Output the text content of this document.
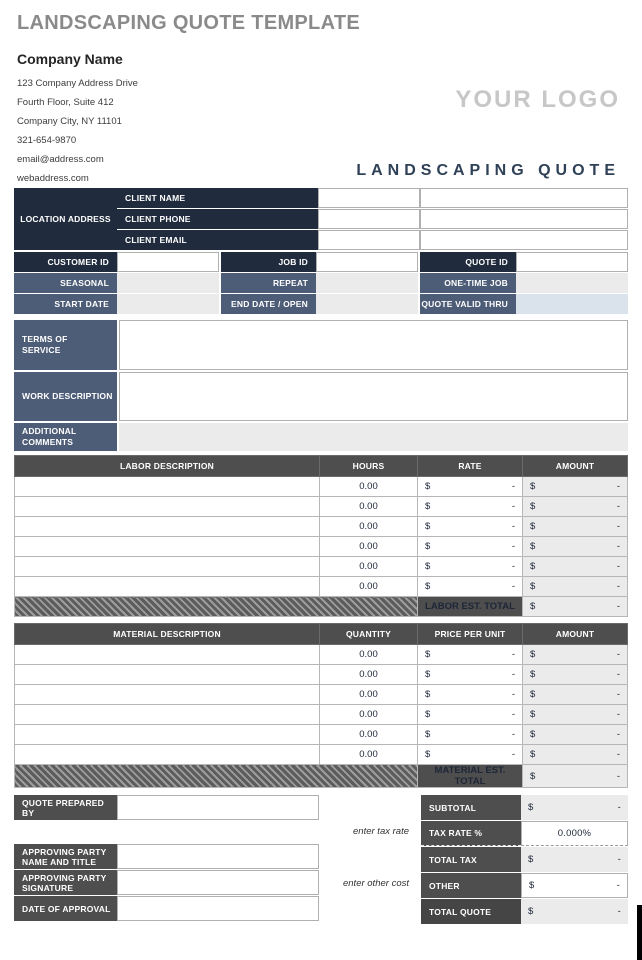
LANDSCAPING QUOTE TEMPLATE
Company Name
123 Company Address Drive
Fourth Floor, Suite 412
Company City, NY 11101
321-654-9870
email@address.com
webaddress.com
YOUR LOGO
LANDSCAPING QUOTE
CLIENT NAME
LOCATION ADDRESS	CLIENT PHONE
CLIENT EMAIL
CUSTOMER ID	JOB ID	QUOTE ID
SEASONAL	REPEAT	ONE-TIME JOB
START DATE	END DATE / OPEN	QUOTE VALID THRU
TERMS OF SERVICE
WORK DESCRIPTION
ADDITIONAL COMMENTS
LABOR DESCRIPTION	HOURS	RATE	AMOUNT
	0.00	$ -	$ -

	0.00	$ -	$ -

	0.00	$ -	$ -

	0.00	$ -	$ -

	0.00	$ -	$ -

	0.00	$ -	$ -

		LABOR EST. TOTAL	$ -
MATERIAL DESCRIPTION	QUANTITY	PRICE PER UNIT	AMOUNT
	0.00	$ -	$ -

	0.00	$ -	$ -

	0.00	$ -	$ -

	0.00	$ -	$ -

	0.00	$ -	$ -

	0.00	$ -	$ -

		MATERIAL EST. TOTAL	$ -
QUOTE PREPARED BY
APPROVING PARTY NAME AND TITLE
APPROVING PARTY SIGNATURE
DATE OF APPROVAL
enter tax rate
enter other cost
SUBTOTAL	$	-
TAX RATE %	0.000%
TOTAL TAX	$	-
OTHER	$	-
TOTAL QUOTE	$	-
